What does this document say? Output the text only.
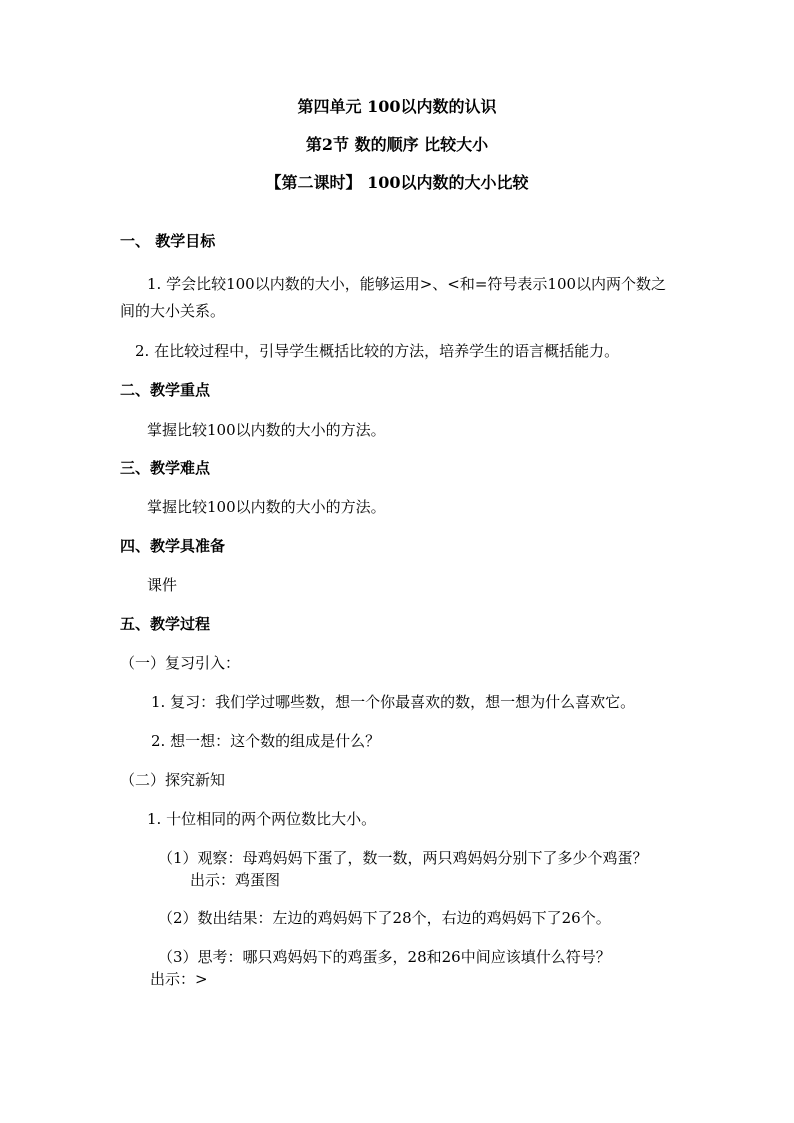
第四单元 100以内数的认识
第2节 数的顺序 比较大小
【第二课时】 100以内数的大小比较
一、 教学目标
1. 学会比较100以内数的大小，能够运用>、<和=符号表示100以内两个数之
间的大小关系。
2. 在比较过程中，引导学生概括比较的方法，培养学生的语言概括能力。
二、教学重点
掌握比较100以内数的大小的方法。
三、教学难点
掌握比较100以内数的大小的方法。
四、教学具准备
课件
五、教学过程
（一）复习引入：
1. 复习：我们学过哪些数，想一个你最喜欢的数，想一想为什么喜欢它。
2. 想一想：这个数的组成是什么？
（二）探究新知
1. 十位相同的两个两位数比大小。
（1）观察：母鸡妈妈下蛋了，数一数，两只鸡妈妈分别下了多少个鸡蛋？
出示：鸡蛋图
（2）数出结果：左边的鸡妈妈下了28个，右边的鸡妈妈下了26个。
（3）思考：哪只鸡妈妈下的鸡蛋多，28和26中间应该填什么符号？
出示：>
